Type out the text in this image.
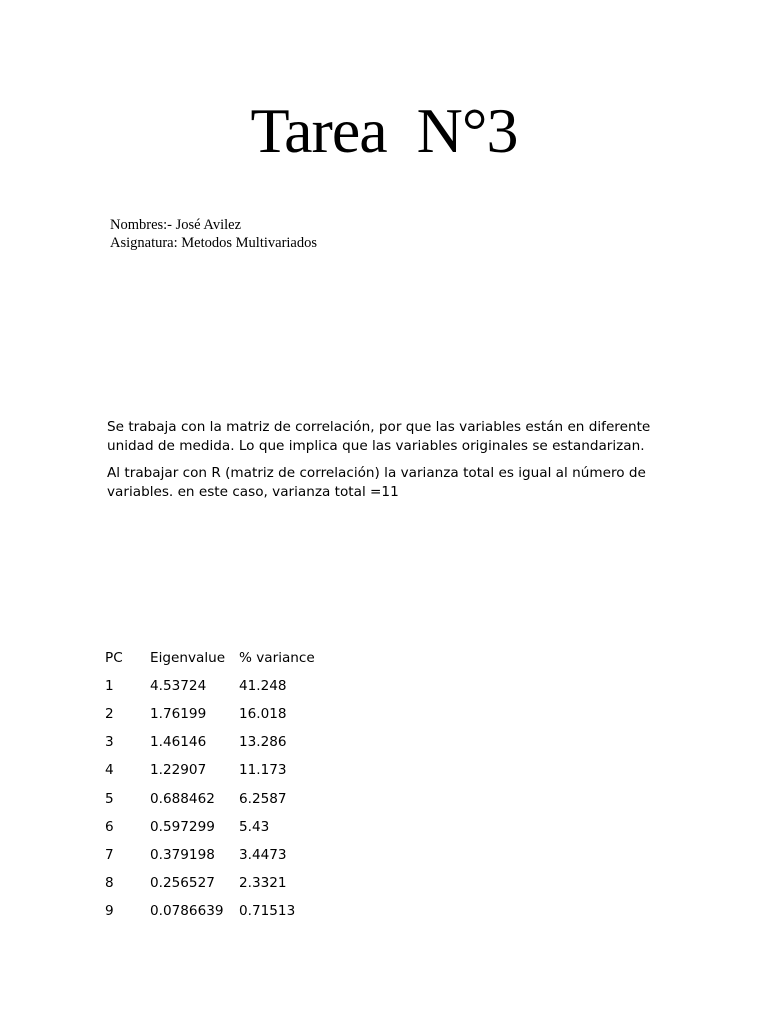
Tarea  N°3
Nombres:- José Avilez
Asignatura: Metodos Multivariados

Se trabaja con la matriz de correlación, por que las variables están en diferente unidad de medida. Lo que implica que las variables originales se estandarizan.

Al trabajar con R (matriz de correlación) la varianza total es igual al número de variables. en este caso, varianza total =11

PC	Eigenvalue	% variance
1	4.53724	41.248
2	1.76199	16.018
3	1.46146	13.286
4	1.22907	11.173
5	0.688462	6.2587
6	0.597299	5.43
7	0.379198	3.4473
8	0.256527	2.3321
9	0.0786639	0.71513
